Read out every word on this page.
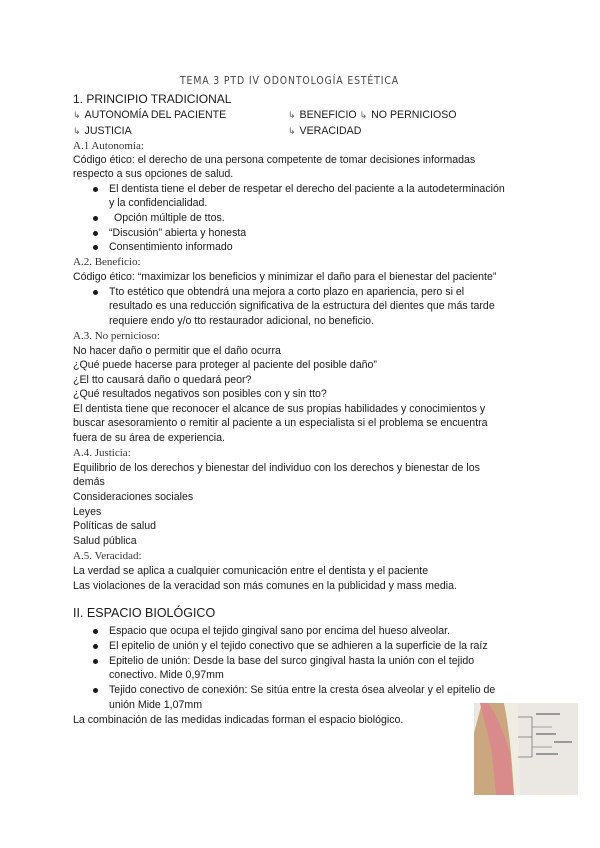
TEMA 3 PTD IV ODONTOLOGÍA ESTÉTICA
1. PRINCIPIO TRADICIONAL
↳ AUTONOMÍA DEL PACIENTE	↳ BENEFICIO ↳ NO PERNICIOSO
↳ JUSTICIA	↳ VERACIDAD
A.1 Autonomía:
Código ético: el derecho de una persona competente de tomar decisiones informadas
respecto a sus opciones de salud.
El dentista tiene el deber de respetar el derecho del paciente a la autodeterminación
y la confidencialidad.
Opción múltiple de ttos.
“Discusión” abierta y honesta
Consentimiento informado
A.2. Beneficio:
Código ético: “maximizar los beneficios y minimizar el daño para el bienestar del paciente”
Tto estético que obtendrá una mejora a corto plazo en apariencia, pero si el
resultado es una reducción significativa de la estructura del dientes que más tarde
requiere endo y/o tto restaurador adicional, no beneficio.
A.3. No pernicioso:
No hacer daño o permitir que el daño ocurra
¿Qué puede hacerse para proteger al paciente del posible daño”
¿El tto causará daño o quedará peor?
¿Qué resultados negativos son posibles con y sin tto?
El dentista tiene que reconocer el alcance de sus propias habilidades y conocimientos y
buscar asesoramiento o remitir al paciente a un especialista si el problema se encuentra
fuera de su área de experiencia.
A.4. Justicia:
Equilibrio de los derechos y bienestar del individuo con los derechos y bienestar de los
demás
Consideraciones sociales
Leyes
Políticas de salud
Salud pública
A.5. Veracidad:
La verdad se aplica a cualquier comunicación entre el dentista y el paciente
Las violaciones de la veracidad son más comunes en la publicidad y mass media.
II. ESPACIO BIOLÓGICO
Espacio que ocupa el tejido gingival sano por encima del hueso alveolar.
El epitelio de unión y el tejido conectivo que se adhieren a la superficie de la raíz
Epitelio de unión: Desde la base del surco gingival hasta la unión con el tejido
conectivo. Mide 0,97mm
Tejido conectivo de conexión: Se sitúa entre la cresta ósea alveolar y el epitelio de
unión Mide 1,07mm
La combinación de las medidas indicadas forman el espacio biológico.
